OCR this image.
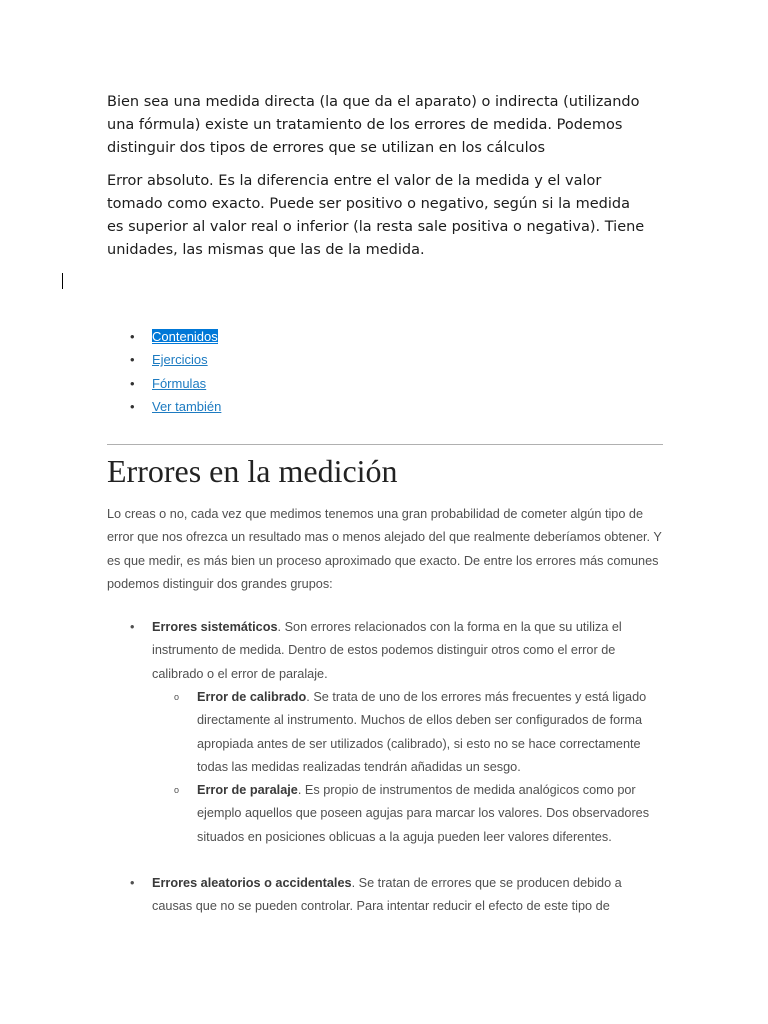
Bien sea una medida directa (la que da el aparato) o indirecta (utilizando una fórmula) existe un tratamiento de los errores de medida. Podemos distinguir dos tipos de errores que se utilizan en los cálculos

Error absoluto. Es la diferencia entre el valor de la medida y el valor tomado como exacto. Puede ser positivo o negativo, según si la medida es superior al valor real o inferior (la resta sale positiva o negativa). Tiene unidades, las mismas que las de la medida.

• Contenidos
• Ejercicios
• Fórmulas
• Ver también
Errores en la medición

Lo creas o no, cada vez que medimos tenemos una gran probabilidad de cometer algún tipo de error que nos ofrezca un resultado mas o menos alejado del que realmente deberíamos obtener. Y es que medir, es más bien un proceso aproximado que exacto. De entre los errores más comunes podemos distinguir dos grandes grupos:

• Errores sistemáticos. Son errores relacionados con la forma en la que su utiliza el instrumento de medida. Dentro de estos podemos distinguir otros como el error de calibrado o el error de paralaje.
o Error de calibrado. Se trata de uno de los errores más frecuentes y está ligado directamente al instrumento. Muchos de ellos deben ser configurados de forma apropiada antes de ser utilizados (calibrado), si esto no se hace correctamente todas las medidas realizadas tendrán añadidas un sesgo.
o Error de paralaje. Es propio de instrumentos de medida analógicos como por ejemplo aquellos que poseen agujas para marcar los valores. Dos observadores situados en posiciones oblicuas a la aguja pueden leer valores diferentes.
• Errores aleatorios o accidentales. Se tratan de errores que se producen debido a causas que no se pueden controlar. Para intentar reducir el efecto de este tipo de
